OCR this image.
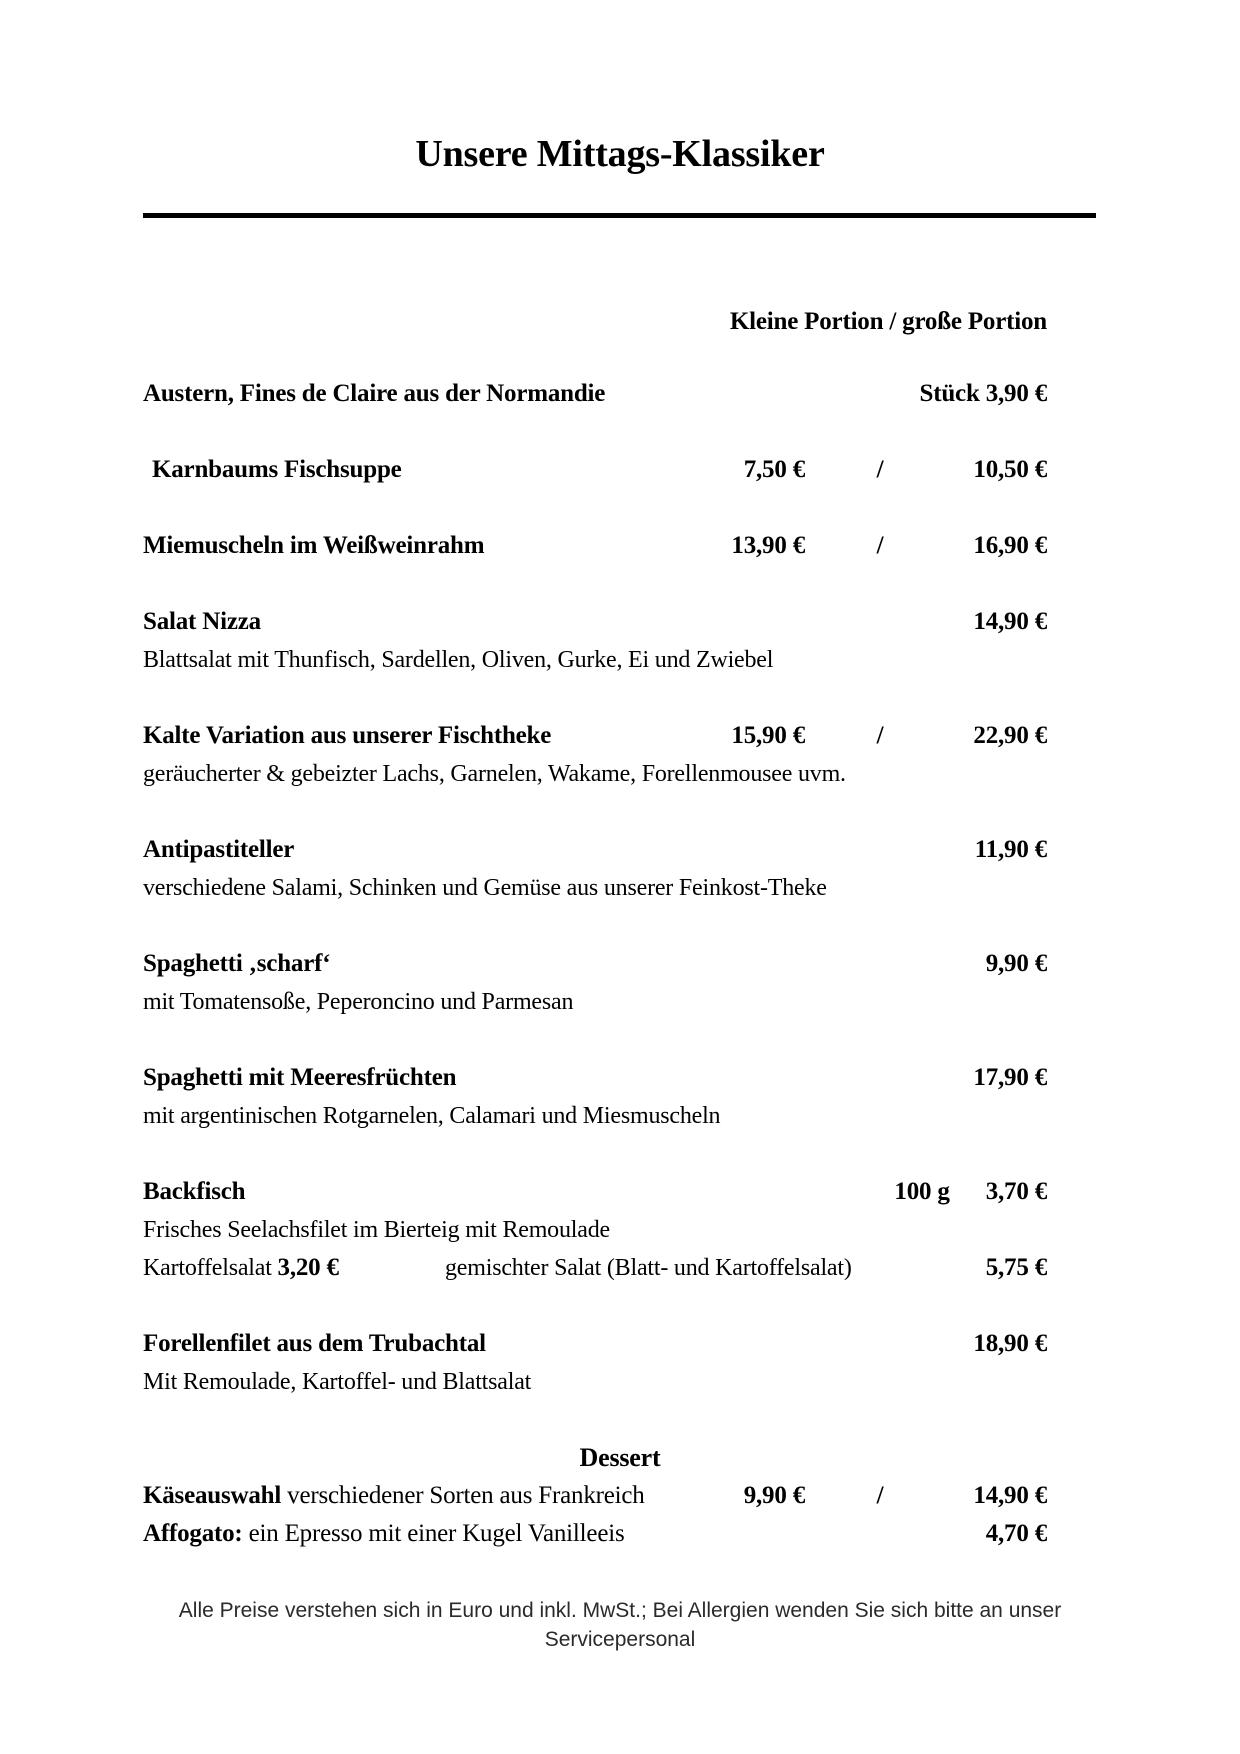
Unsere Mittags-Klassiker
Kleine Portion / große Portion
Austern, Fines de Claire aus der Normandie	Stück 3,90 €
Karnbaums Fischsuppe	7,50 €	/	10,50 €
Miemuscheln im Weißweinrahm	13,90 €	/	16,90 €
Salat Nizza	14,90 €
Blattsalat mit Thunfisch, Sardellen, Oliven, Gurke, Ei und Zwiebel
Kalte Variation aus unserer Fischtheke	15,90 €	/	22,90 €
geräucherter & gebeizter Lachs, Garnelen, Wakame, Forellenmousee uvm.
Antipastiteller	11,90 €
verschiedene Salami, Schinken und Gemüse aus unserer Feinkost-Theke
Spaghetti ‚scharf‘	9,90 €
mit Tomatensoße, Peperoncino und Parmesan
Spaghetti mit Meeresfrüchten	17,90 €
mit argentinischen Rotgarnelen, Calamari und Miesmuscheln
Backfisch	100 g 3,70 €
Frisches Seelachsfilet im Bierteig mit Remoulade
Kartoffelsalat 3,20 €	gemischter Salat (Blatt- und Kartoffelsalat)	5,75 €
Forellenfilet aus dem Trubachtal	18,90 €
Mit Remoulade, Kartoffel- und Blattsalat
Dessert
Käseauswahl verschiedener Sorten aus Frankreich	9,90 €	/	14,90 €
Affogato: ein Epresso mit einer Kugel Vanilleeis	4,70 €
Alle Preise verstehen sich in Euro und inkl. MwSt.; Bei Allergien wenden Sie sich bitte an unser
Servicepersonal
